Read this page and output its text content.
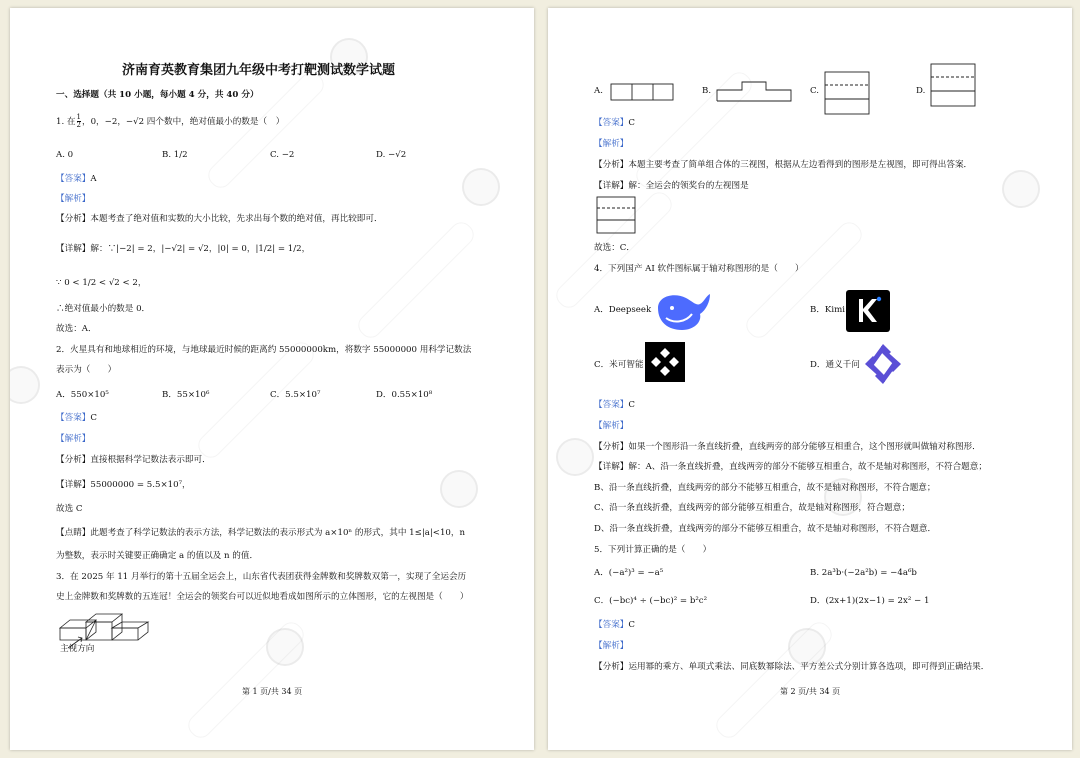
济南育英教育集团九年级中考打靶测试数学试题
一、选择题（共 10 小题，每小题 4 分，共 40 分）
1. 在 $\frac{1}{2}$ ，0，−2，−√2 四个数中，绝对值最小的数是（　）
A. 0	B. 1/2	C. −2	D. −√2
【答案】A
【解析】
【分析】本题考查了绝对值和实数的大小比较，先求出每个数的绝对值，再比较即可．
【详解】解：∵|−2| = 2，|−√2| = √2，|0| = 0，|1/2| = 1/2，
∵ 0 < 1/2 < √2 < 2，
∴绝对值最小的数是 0．
故选：A．
2．火星具有和地球相近的环境，与地球最近时候的距离约 55000000km，将数字 55000000 用科学记数法
表示为（　　）
A．550×10⁵	B．55×10⁶	C．5.5×10⁷	D．0.55×10⁸
【答案】C
【解析】
【分析】直接根据科学记数法表示即可．
【详解】55000000 = 5.5×10⁷，
故选 C
【点睛】此题考查了科学记数法的表示方法，科学记数法的表示形式为 a×10ⁿ 的形式，其中 1≤|a|<10，n
为整数，表示时关键要正确确定 a 的值以及 n 的值．
3．在 2025 年 11 月举行的第十五届全运会上，山东省代表团获得金牌数和奖牌数双第一，实现了全运会历
史上金牌数和奖牌数的五连冠！全运会的领奖台可以近似地看成如图所示的立体图形，它的左视图是（　　）
主视方向
第 1 页/共 34 页
A.	B.	C.	D.
【答案】C
【解析】
【分析】本题主要考查了简单组合体的三视图，根据从左边看得到的图形是左视图，即可得出答案．
【详解】解：全运会的领奖台的左视图是
故选：C．
4．下列国产 AI 软件图标属于轴对称图形的是（　　）
A．Deepseek	B．Kimi
C．米可智能	D．通义千问
【答案】C
【解析】
【分析】如果一个图形沿一条直线折叠，直线两旁的部分能够互相重合，这个图形就叫做轴对称图形．
【详解】解：A、沿一条直线折叠，直线两旁的部分不能够互相重合，故不是轴对称图形，不符合题意；
B、沿一条直线折叠，直线两旁的部分不能够互相重合，故不是轴对称图形，不符合题意；
C、沿一条直线折叠，直线两旁的部分能够互相重合，故是轴对称图形，符合题意；
D、沿一条直线折叠，直线两旁的部分不能够互相重合，故不是轴对称图形，不符合题意．
5．下列计算正确的是（　　）
A．(−a²)³ = −a⁵	B. 2a³b·(−2a²b) = −4a⁶b
C．(−bc)⁴ ÷ (−bc)² = b²c²	D．(2x+1)(2x−1) = 2x² − 1
【答案】C
【解析】
【分析】运用幂的乘方、单项式乘法、同底数幂除法、平方差公式分别计算各选项，即可得到正确结果．
第 2 页/共 34 页
